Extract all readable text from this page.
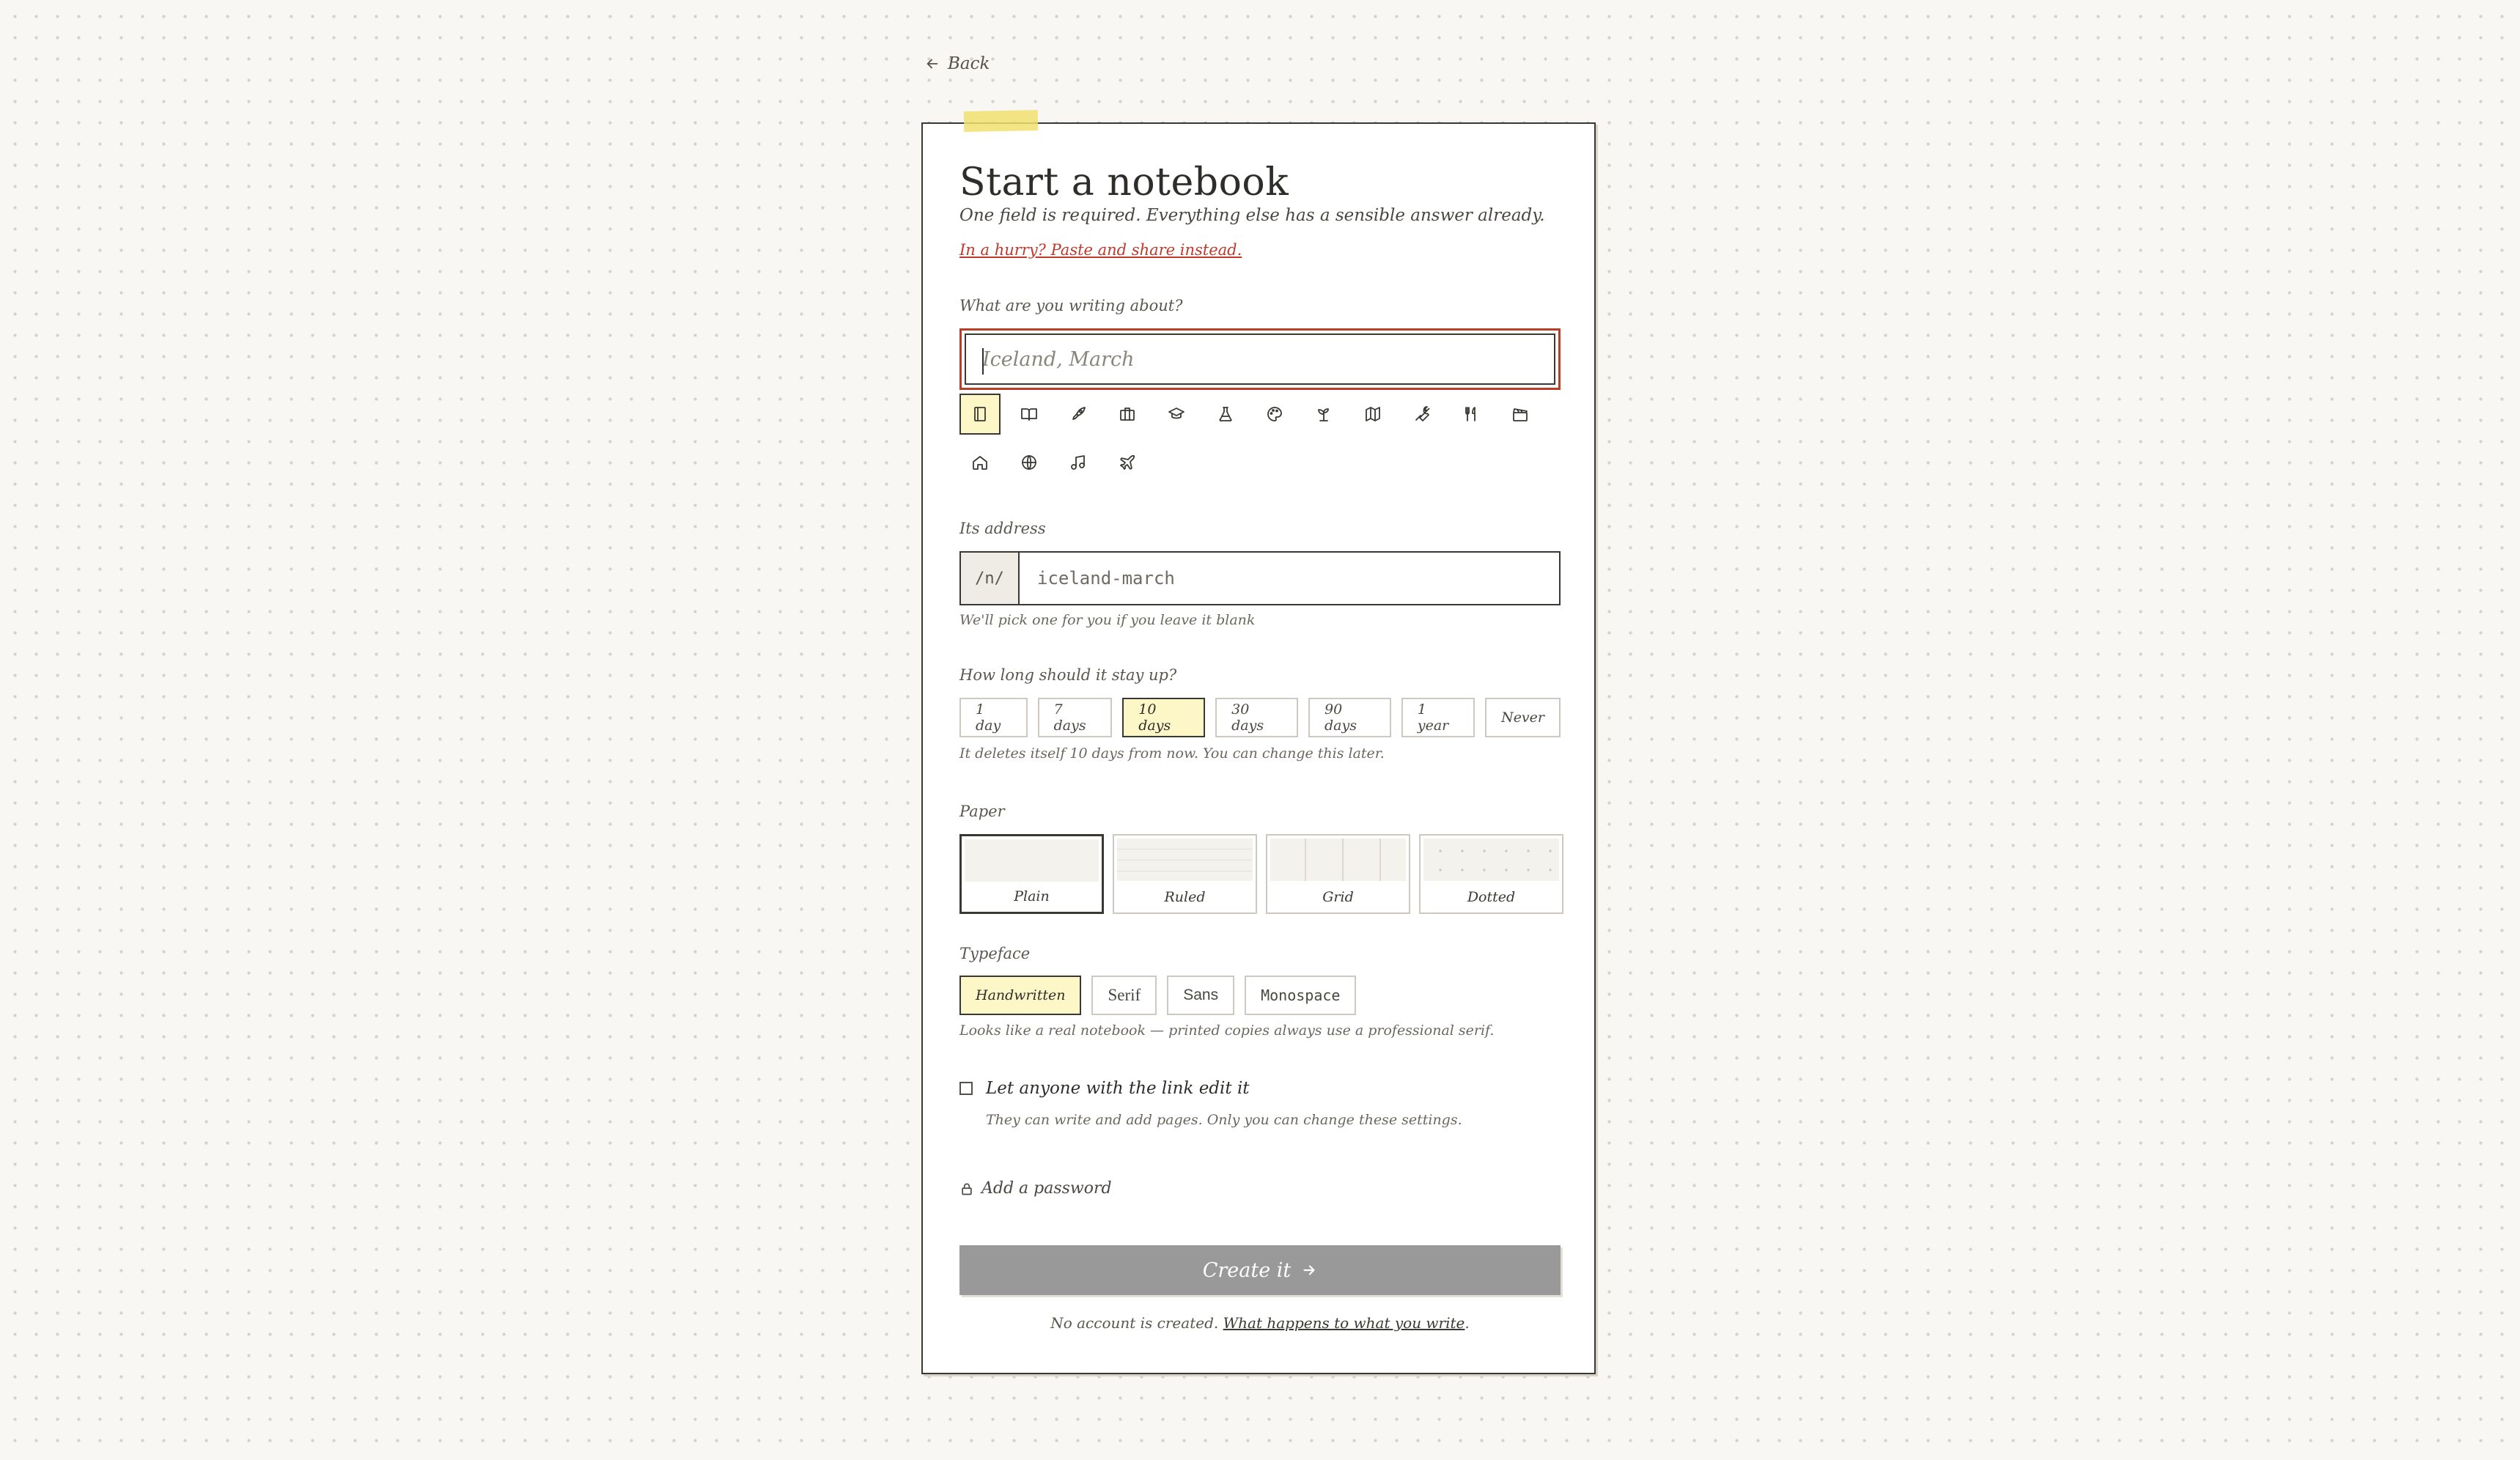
Back
Start a notebook
One field is required. Everything else has a sensible answer already.
In a hurry? Paste and share instead.
What are you writing about?
Iceland, March
Its address
/n/
iceland-march
We'll pick one for you if you leave it blank
How long should it stay up?
1 day
7 days
10 days
30 days
90 days
1 year	Never
It deletes itself 10 days from now. You can change this later.
Paper
Plain	Ruled	Grid	Dotted
Typeface
Handwritten	Serif	Sans	Monospace
Looks like a real notebook — printed copies always use a professional serif.
Let anyone with the link edit it
They can write and add pages. Only you can change these settings.
Add a password
Create it
No account is created. What happens to what you write.
